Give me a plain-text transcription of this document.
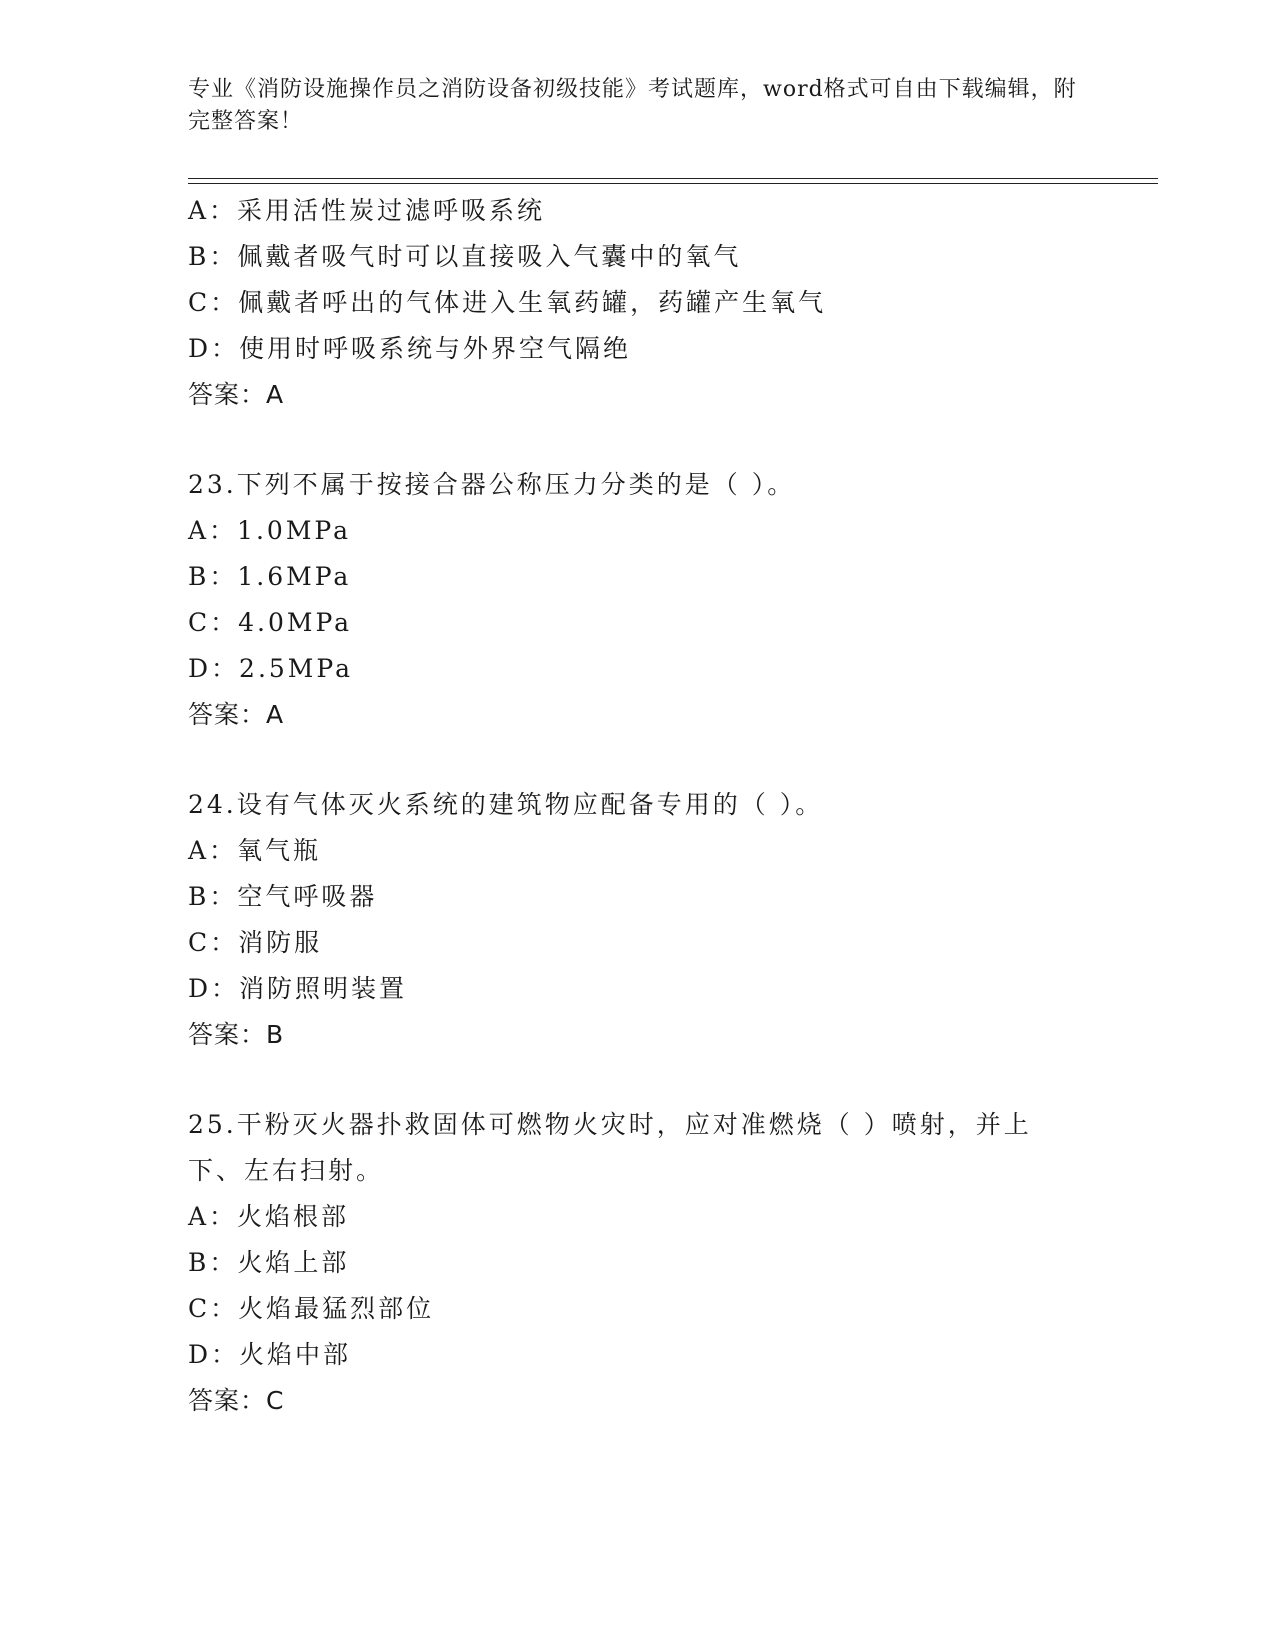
专业《消防设施操作员之消防设备初级技能》考试题库，word格式可自由下载编辑，附完整答案！
A：采用活性炭过滤呼吸系统
B：佩戴者吸气时可以直接吸入气囊中的氧气
C：佩戴者呼出的气体进入生氧药罐，药罐产生氧气
D：使用时呼吸系统与外界空气隔绝
答案：A
23.下列不属于按接合器公称压力分类的是（ ）。
A：1.0MPa
B：1.6MPa
C：4.0MPa
D：2.5MPa
答案：A
24.设有气体灭火系统的建筑物应配备专用的（ ）。
A：氧气瓶
B：空气呼吸器
C：消防服
D：消防照明装置
答案：B
25.干粉灭火器扑救固体可燃物火灾时，应对准燃烧（ ）喷射，并上下、左右扫射。
A：火焰根部
B：火焰上部
C：火焰最猛烈部位
D：火焰中部
答案：C
